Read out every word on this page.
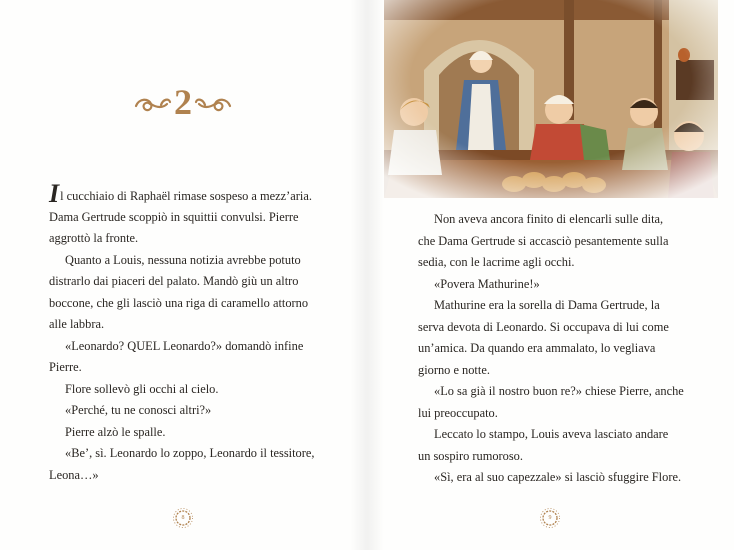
2
Il cucchiaio di Raphaël rimase sospeso a mezz’aria.
Dama Gertrude scoppiò in squittii convulsi. Pierre
aggrottò la fronte.
Quanto a Louis, nessuna notizia avrebbe potuto
distrarlo dai piaceri del palato. Mandò giù un altro
boccone, che gli lasciò una riga di caramello attorno
alle labbra.
«Leonardo? QUEL Leonardo?» domandò infine
Pierre.
Flore sollevò gli occhi al cielo.
«Perché, tu ne conosci altri?»
Pierre alzò le spalle.
«Be’, sì. Leonardo lo zoppo, Leonardo il tessitore,
Leona…»
Non aveva ancora finito di elencarli sulle dita,
che Dama Gertrude si accasciò pesantemente sulla
sedia, con le lacrime agli occhi.
«Povera Mathurine!»
Mathurine era la sorella di Dama Gertrude, la
serva devota di Leonardo. Si occupava di lui come
un’amica. Da quando era ammalato, lo vegliava
giorno e notte.
«Lo sa già il nostro buon re?» chiese Pierre, anche
lui preoccupato.
Leccato lo stampo, Louis aveva lasciato andare
un sospiro rumoroso.
«Sì, era al suo capezzale» si lasciò sfuggire Flore.
8	9
